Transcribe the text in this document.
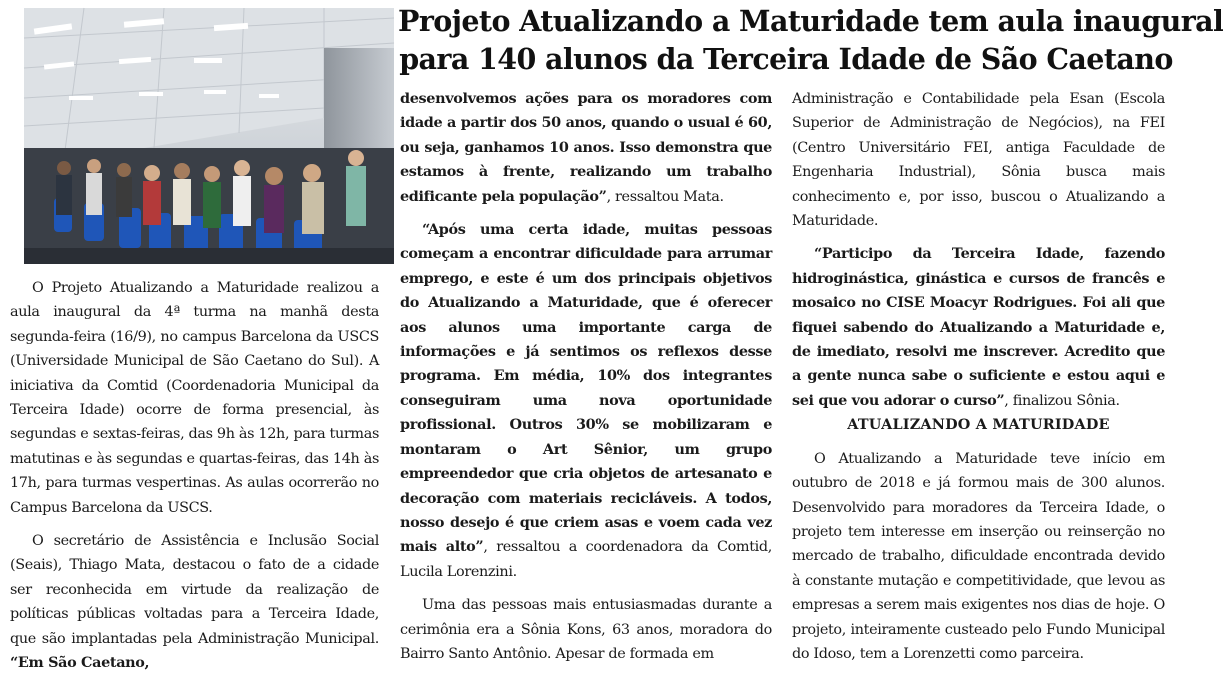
Projeto Atualizando a Maturidade tem aula inaugural
para 140 alunos da Terceira Idade de São Caetano

O Projeto Atualizando a Maturidade realizou a aula inaugural da 4ª turma na manhã desta segunda-feira (16/9), no campus Barcelona da USCS (Universidade Municipal de São Caetano do Sul). A iniciativa da Comtid (Coordenadoria Municipal da Terceira Idade) ocorre de forma presencial, às segundas e sextas-feiras, das 9h às 12h, para turmas matutinas e às segundas e quartas-feiras, das 14h às 17h, para turmas vespertinas. As aulas ocorrerão no Campus Barcelona da USCS.

O secretário de Assistência e Inclusão Social (Seais), Thiago Mata, destacou o fato de a cidade ser reconhecida em virtude da realização de políticas públicas voltadas para a Terceira Idade, que são implantadas pela Administração Municipal. “Em São Caetano,

desenvolvemos ações para os moradores com idade a partir dos 50 anos, quando o usual é 60, ou seja, ganhamos 10 anos. Isso demonstra que estamos à frente, realizando um trabalho edificante pela população”, ressaltou Mata.

“Após uma certa idade, muitas pessoas começam a encontrar dificuldade para arrumar emprego, e este é um dos principais objetivos do Atualizando a Maturidade, que é oferecer aos alunos uma importante carga de informações e já sentimos os reflexos desse programa. Em média, 10% dos integrantes conseguiram uma nova oportunidade profissional. Outros 30% se mobilizaram e montaram o Art Sênior, um grupo empreendedor que cria objetos de artesanato e decoração com materiais recicláveis. A todos, nosso desejo é que criem asas e voem cada vez mais alto”, ressaltou a coordenadora da Comtid, Lucila Lorenzini.

Uma das pessoas mais entusiasmadas durante a cerimônia era a Sônia Kons, 63 anos, moradora do Bairro Santo Antônio. Apesar de formada em

Administração e Contabilidade pela Esan (Escola Superior de Administração de Negócios), na FEI (Centro Universitário FEI, antiga Faculdade de Engenharia Industrial), Sônia busca mais conhecimento e, por isso, buscou o Atualizando a Maturidade.

“Participo da Terceira Idade, fazendo hidroginástica, ginástica e cursos de francês e mosaico no CISE Moacyr Rodrigues. Foi ali que fiquei sabendo do Atualizando a Maturidade e, de imediato, resolvi me inscrever. Acredito que a gente nunca sabe o suficiente e estou aqui e sei que vou adorar o curso”, finalizou Sônia.

ATUALIZANDO A MATURIDADE

O Atualizando a Maturidade teve início em outubro de 2018 e já formou mais de 300 alunos. Desenvolvido para moradores da Terceira Idade, o projeto tem interesse em inserção ou reinserção no mercado de trabalho, dificuldade encontrada devido à constante mutação e competitividade, que levou as empresas a serem mais exigentes nos dias de hoje. O projeto, inteiramente custeado pelo Fundo Municipal do Idoso, tem a Lorenzetti como parceira.
